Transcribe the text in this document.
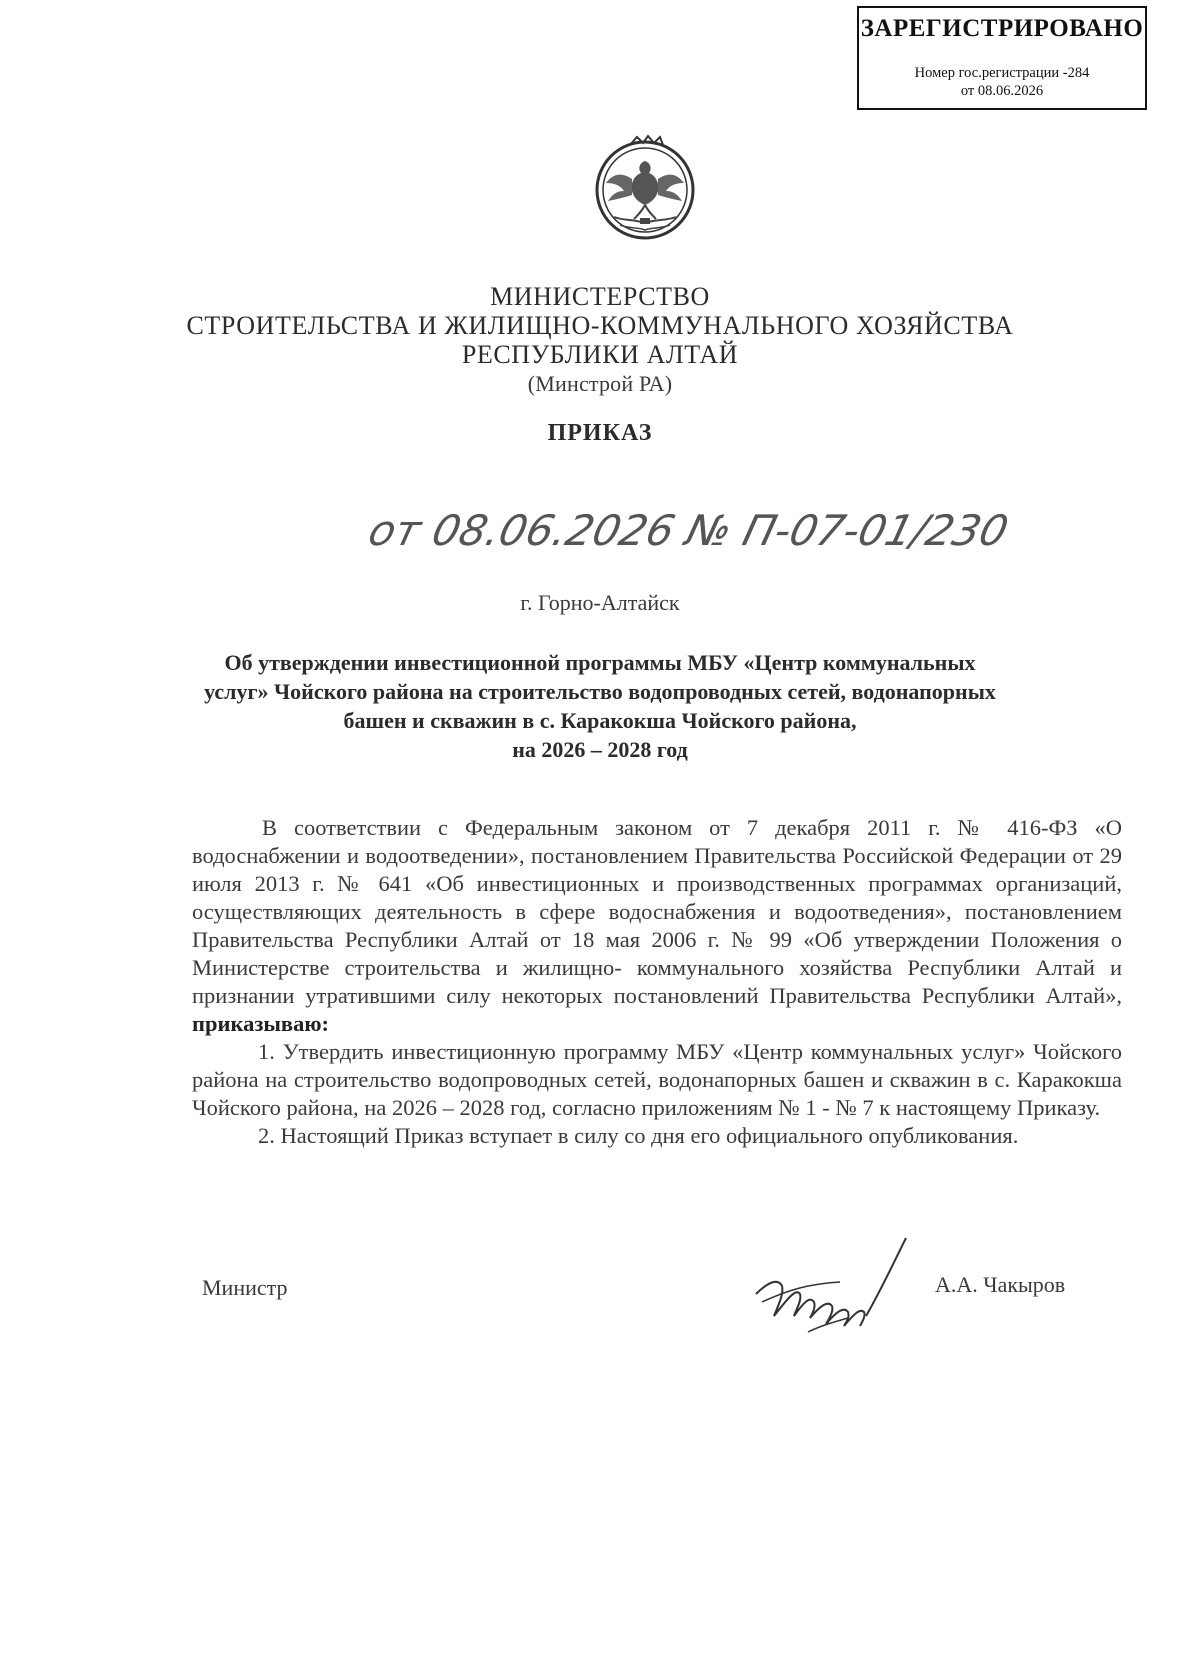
ЗАРЕГИСТРИРОВАНО
Номер гос.регистрации -284
от 08.06.2026
МИНИСТЕРСТВО
СТРОИТЕЛЬСТВА И ЖИЛИЩНО-КОММУНАЛЬНОГО ХОЗЯЙСТВА
РЕСПУБЛИКИ АЛТАЙ
(Минстрой РА)
ПРИКАЗ
от 08.06.2026 № П-07-01/230
г. Горно-Алтайск
Об утверждении инвестиционной программы МБУ «Центр коммунальных
услуг» Чойского района на строительство водопроводных сетей, водонапорных
башен и скважин в с. Каракокша Чойского района,
на 2026 – 2028 год

В соответствии с Федеральным законом от 7 декабря 2011 г. № 416-ФЗ «О водоснабжении и водоотведении», постановлением Правительства Российской Федерации от 29 июля 2013 г. № 641 «Об инвестиционных и производственных программах организаций, осуществляющих деятельность в сфере водоснабжения и водоотведения», постановлением Правительства Республики Алтай от 18 мая 2006 г. № 99 «Об утверждении Положения о Министерстве строительства и жилищно- коммунального хозяйства Республики Алтай и признании утратившими силу некоторых постановлений Правительства Республики Алтай», приказываю:

1. Утвердить инвестиционную программу МБУ «Центр коммунальных услуг» Чойского района на строительство водопроводных сетей, водонапорных башен и скважин в с. Каракокша Чойского района, на 2026 – 2028 год, согласно приложениям № 1 - № 7 к настоящему Приказу.

2. Настоящий Приказ вступает в силу со дня его официального опубликования.

Министр	А.А. Чакыров
